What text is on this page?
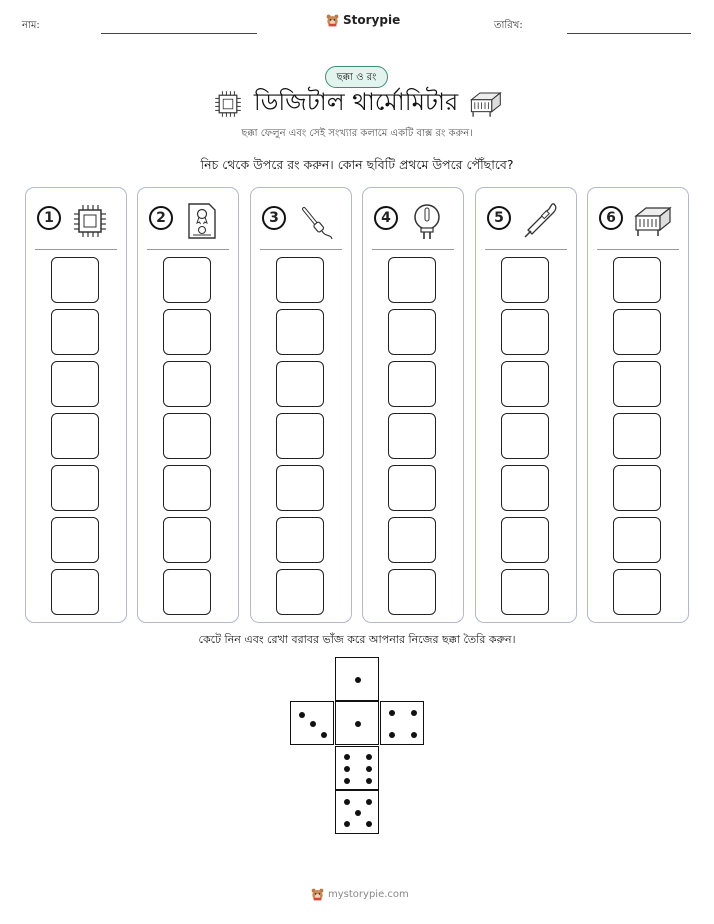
নাম:	Storypie	তারিখ:
ছক্কা ও রং
ডিজিটাল থার্মোমিটার
ছক্কা ফেলুন এবং সেই সংখ্যার কলামে একটি বাক্স রং করুন।
নিচ থেকে উপরে রং করুন। কোন ছবিটি প্রথমে উপরে পৌঁছাবে?
1	2	3	4	5	6
কেটে নিন এবং রেখা বরাবর ভাঁজ করে আপনার নিজের ছক্কা তৈরি করুন।
mystorypie.com
